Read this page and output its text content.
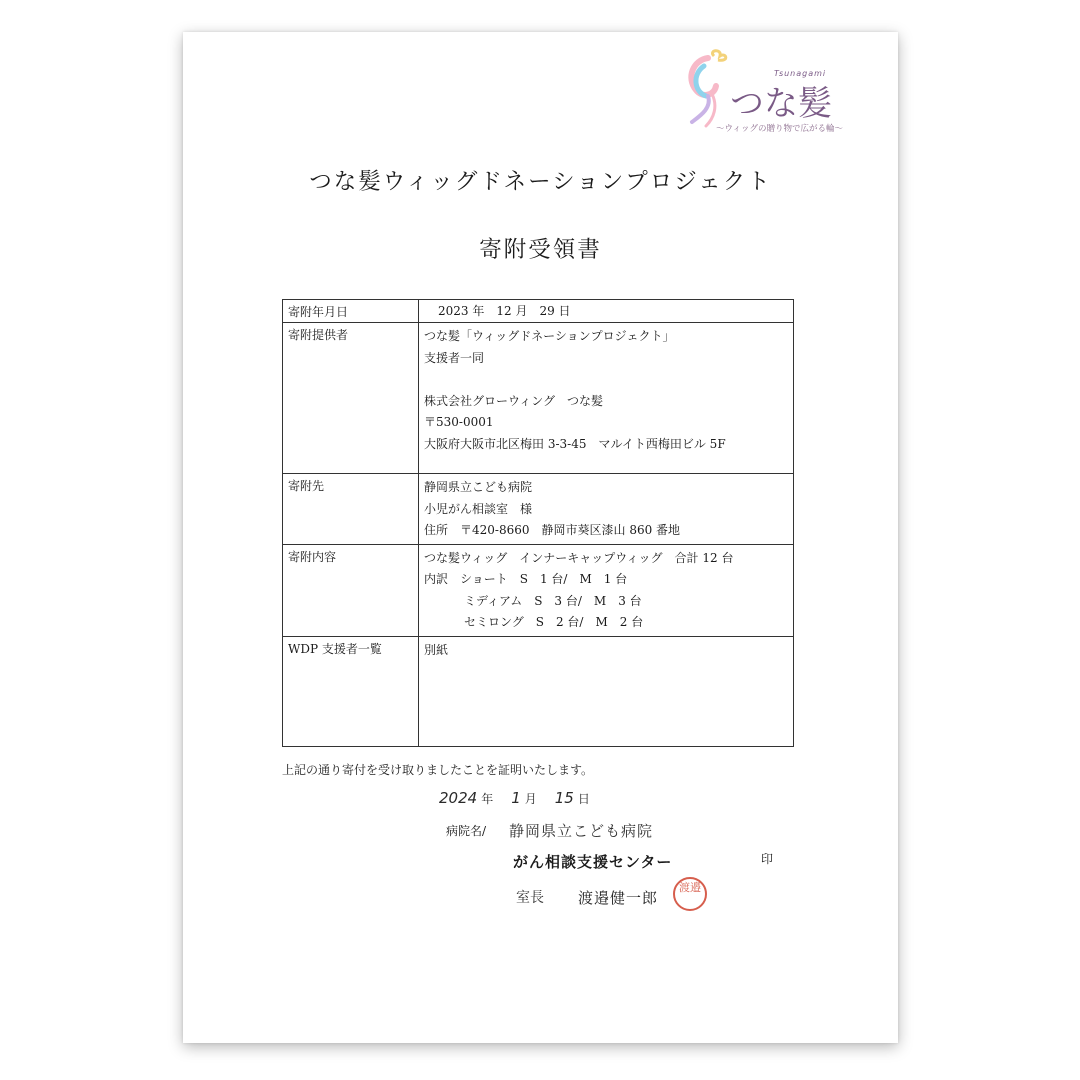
Tsunagami
つな髪
〜ウィッグの贈り物で広がる輪〜
つな髪ウィッグドネーションプロジェクト
寄附受領書
寄附年月日	2023 年　12 月　29 日

寄附提供者	つな髪「ウィッグドネーションプロジェクト」
支援者一同
株式会社グローウィング　つな髪
〒530-0001
大阪府大阪市北区梅田 3-3-45　マルイト西梅田ビル 5F

寄附先	静岡県立こども病院
小児がん相談室　様
住所　〒420-8660　静岡市葵区漆山 860 番地

寄附内容	つな髪ウィッグ　インナーキャップウィッグ　合計 12 台
内訳　ショート　S　1 台/　M　1 台
ミディアム　S　3 台/　M　3 台
セミロング　S　2 台/　M　2 台

WDP 支援者一覧	別紙
上記の通り寄付を受け取りましたことを証明いたします。
2024 年 1 月 15 日
病院名/ 静岡県立こども病院
がん相談支援センター	印
室長 渡邉健一郎
渡邉
